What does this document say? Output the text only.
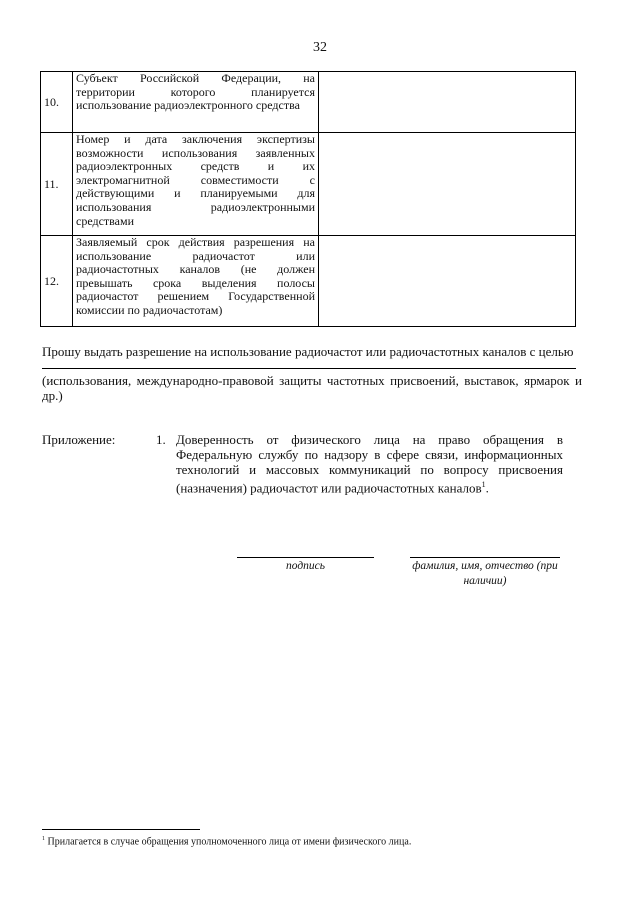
32
10.	Субъект Российской Федерации, на территории которого планируется использование радиоэлектронного средства	
11.	Номер и дата заключения экспертизы возможности использования заявленных радиоэлектронных средств и их электромагнитной совместимости с действующими и планируемыми для использования радиоэлектронными средствами	
12.	Заявляемый срок действия разрешения на использование радиочастот или радиочастотных каналов (не должен превышать срока выделения полосы радиочастот решением Государственной комиссии по радиочастотам)	
Прошу выдать разрешение на использование радиочастот или радиочастотных каналов с целью
(использования, международно-правовой защиты частотных присвоений, выставок, ярмарок и др.)
Приложение:	1. Доверенность от физического лица на право обращения в Федеральную службу по надзору в сфере связи, информационных технологий и массовых коммуникаций по вопросу присвоения (назначения) радиочастот или радиочастотных каналов$^1$.
подпись	фамилия, имя, отчество (при наличии)
$^1$ Прилагается в случае обращения уполномоченного лица от имени физического лица.
